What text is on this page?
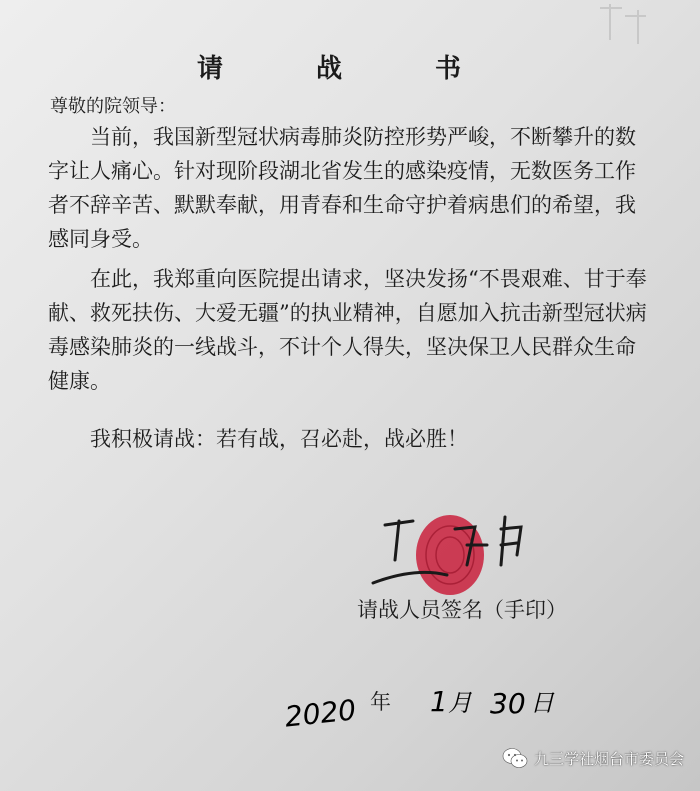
请 战 书
尊敬的院领导：

当前，我国新型冠状病毒肺炎防控形势严峻，不断攀升的数字让人痛心。针对现阶段湖北省发生的感染疫情，无数医务工作者不辞辛苦、默默奉献，用青春和生命守护着病患们的希望，我感同身受。

在此，我郑重向医院提出请求，坚决发扬“不畏艰难、甘于奉献、救死扶伤、大爱无疆”的执业精神，自愿加入抗击新型冠状病毒感染肺炎的一线战斗，不计个人得失，坚决保卫人民群众生命健康。

我积极请战：若有战，召必赴，战必胜！

请战人员签名（手印）
2020 年 1 月 30 日
九三学社烟台市委员会
